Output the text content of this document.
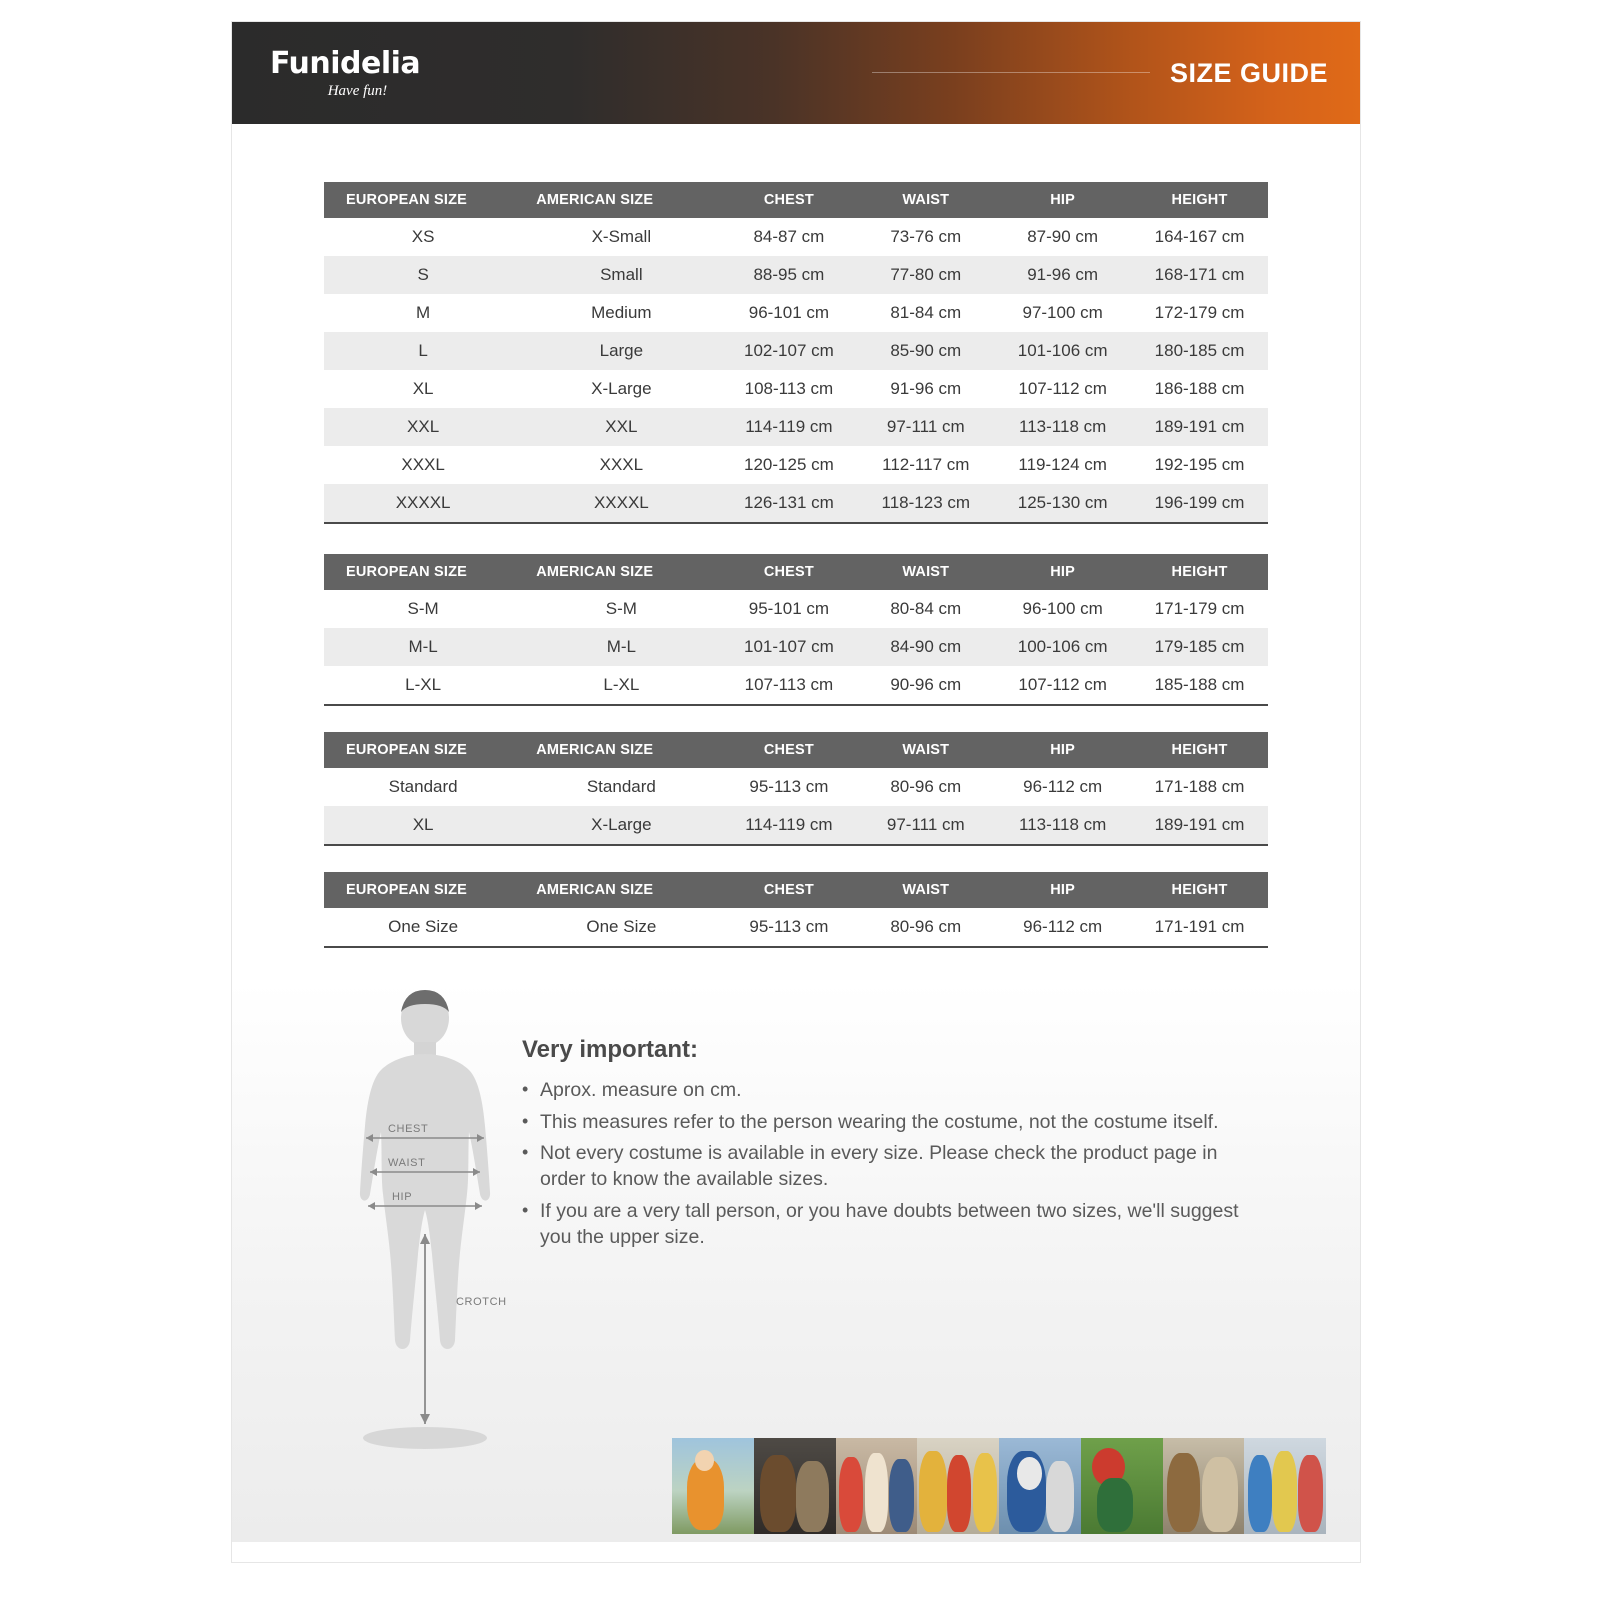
Funidelia
Have fun!
SIZE GUIDE
EUROPEAN SIZE	AMERICAN SIZE	CHEST	WAIST	HIP	HEIGHT
XS	X-Small	84-87 cm	73-76 cm	87-90 cm	164-167 cm
S	Small	88-95 cm	77-80 cm	91-96 cm	168-171 cm
M	Medium	96-101 cm	81-84 cm	97-100 cm	172-179 cm
L	Large	102-107 cm	85-90 cm	101-106 cm	180-185 cm
XL	X-Large	108-113 cm	91-96 cm	107-112 cm	186-188 cm
XXL	XXL	114-119 cm	97-111 cm	113-118 cm	189-191 cm
XXXL	XXXL	120-125 cm	112-117 cm	119-124 cm	192-195 cm
XXXXL	XXXXL	126-131 cm	118-123 cm	125-130 cm	196-199 cm
EUROPEAN SIZE	AMERICAN SIZE	CHEST	WAIST	HIP	HEIGHT
S-M	S-M	95-101 cm	80-84 cm	96-100 cm	171-179 cm
M-L	M-L	101-107 cm	84-90 cm	100-106 cm	179-185 cm
L-XL	L-XL	107-113 cm	90-96 cm	107-112 cm	185-188 cm
EUROPEAN SIZE	AMERICAN SIZE	CHEST	WAIST	HIP	HEIGHT
Standard	Standard	95-113 cm	80-96 cm	96-112 cm	171-188 cm
XL	X-Large	114-119 cm	97-111 cm	113-118 cm	189-191 cm
EUROPEAN SIZE	AMERICAN SIZE	CHEST	WAIST	HIP	HEIGHT
One Size	One Size	95-113 cm	80-96 cm	96-112 cm	171-191 cm
CHEST
WAIST
HIP
CROTCH
Very important:
• Aprox. measure on cm.
• This measures refer to the person wearing the costume, not the costume itself.
• Not every costume is available in every size. Please check the product page in order to know the available sizes.
• If you are a very tall person, or you have doubts between two sizes, we'll suggest you the upper size.
